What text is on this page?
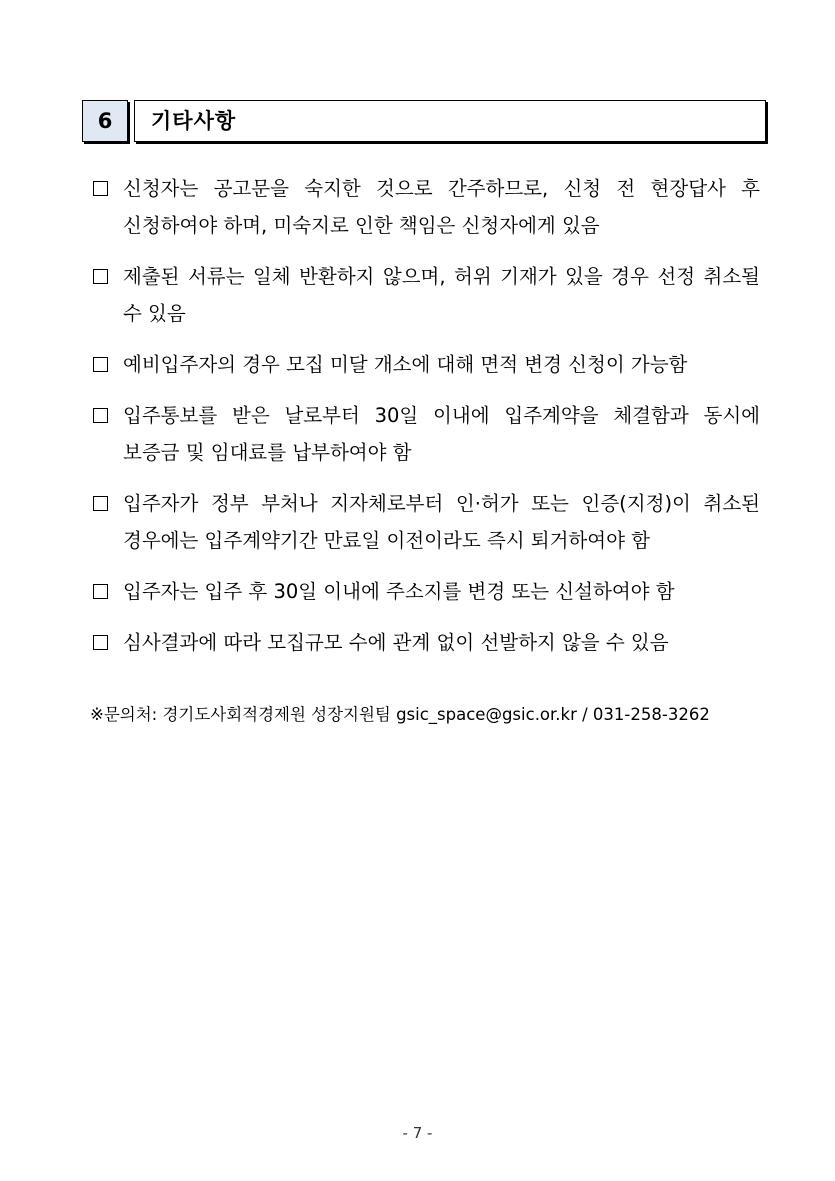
6	기타사항
신청자는 공고문을 숙지한 것으로 간주하므로, 신청 전 현장답사 후 신청하여야 하며, 미숙지로 인한 책임은 신청자에게 있음
제출된 서류는 일체 반환하지 않으며, 허위 기재가 있을 경우 선정 취소될 수 있음
예비입주자의 경우 모집 미달 개소에 대해 면적 변경 신청이 가능함
입주통보를 받은 날로부터 30일 이내에 입주계약을 체결함과 동시에 보증금 및 임대료를 납부하여야 함
입주자가 정부 부처나 지자체로부터 인·허가 또는 인증(지정)이 취소된 경우에는 입주계약기간 만료일 이전이라도 즉시 퇴거하여야 함
입주자는 입주 후 30일 이내에 주소지를 변경 또는 신설하여야 함
심사결과에 따라 모집규모 수에 관계 없이 선발하지 않을 수 있음
※문의처: 경기도사회적경제원 성장지원팀 gsic_space@gsic.or.kr / 031-258-3262
- 7 -
